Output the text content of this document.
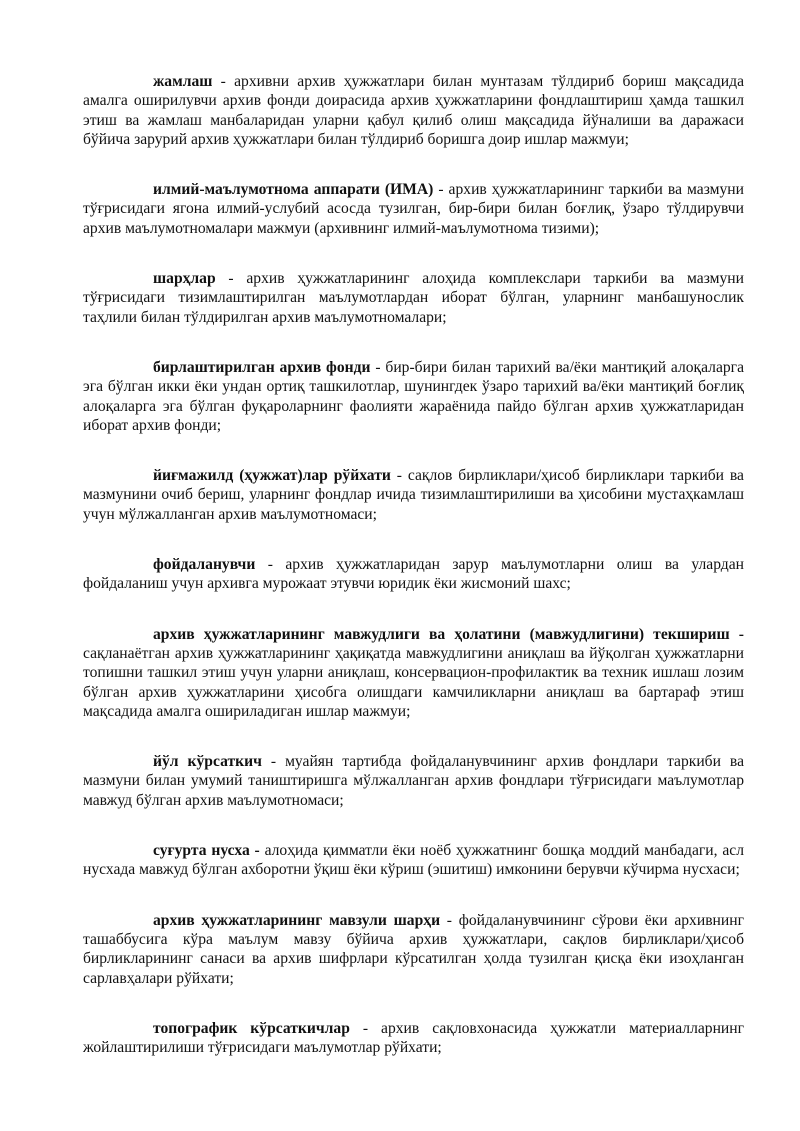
жамлаш - архивни архив ҳужжатлари билан мунтазам тўлдириб бориш мақсадида амалга оширилувчи архив фонди доирасида архив ҳужжатларини фондлаштириш ҳамда ташкил этиш ва жамлаш манбаларидан уларни қабул қилиб олиш мақсадида йўналиши ва даражаси бўйича зарурий архив ҳужжатлари билан тўлдириб боришга доир ишлар мажмуи;

илмий-маълумотнома аппарати (ИМА) - архив ҳужжатларининг таркиби ва мазмуни тўғрисидаги ягона илмий-услубий асосда тузилган, бир-бири билан боғлиқ, ўзаро тўлдирувчи архив маълумотномалари мажмуи (архивнинг илмий-маълумотнома тизими);

шарҳлар - архив ҳужжатларининг алоҳида комплекслари таркиби ва мазмуни тўғрисидаги тизимлаштирилган маълумотлардан иборат бўлган, уларнинг манбашунослик таҳлили билан тўлдирилган архив маълумотномалари;

бирлаштирилган архив фонди - бир-бири билан тарихий ва/ёки мантиқий алоқаларга эга бўлган икки ёки ундан ортиқ ташкилотлар, шунингдек ўзаро тарихий ва/ёки мантиқий боғлиқ алоқаларга эга бўлган фуқароларнинг фаолияти жараёнида пайдо бўлган архив ҳужжатларидан иборат архив фонди;

йиғмажилд (ҳужжат)лар рўйхати - сақлов бирликлари/ҳисоб бирликлари таркиби ва мазмунини очиб бериш, уларнинг фондлар ичида тизимлаштирилиши ва ҳисобини мустаҳкамлаш учун мўлжалланган архив маълумотномаси;

фойдаланувчи - архив ҳужжатларидан зарур маълумотларни олиш ва улардан фойдаланиш учун архивга мурожаат этувчи юридик ёки жисмоний шахс;

архив ҳужжатларининг мавжудлиги ва ҳолатини (мавжудлигини) текшириш - сақланаётган архив ҳужжатларининг ҳақиқатда мавжудлигини аниқлаш ва йўқолган ҳужжатларни топишни ташкил этиш учун уларни аниқлаш, консервацион-профилактик ва техник ишлаш лозим бўлган архив ҳужжатларини ҳисобга олишдаги камчиликларни аниқлаш ва бартараф этиш мақсадида амалга ошириладиган ишлар мажмуи;

йўл кўрсаткич - муайян тартибда фойдаланувчининг архив фондлари таркиби ва мазмуни билан умумий таништиришга мўлжалланган архив фондлари тўғрисидаги маълумотлар мавжуд бўлган архив маълумотномаси;

суғурта нусха - алоҳида қимматли ёки ноёб ҳужжатнинг бошқа моддий манбадаги, асл нусхада мавжуд бўлган ахборотни ўқиш ёки кўриш (эшитиш) имконини берувчи кўчирма нусхаси;

архив ҳужжатларининг мавзули шарҳи - фойдаланувчининг сўрови ёки архивнинг ташаббусига кўра маълум мавзу бўйича архив ҳужжатлари, сақлов бирликлари/ҳисоб бирликларининг санаси ва архив шифрлари кўрсатилган ҳолда тузилган қисқа ёки изоҳланган сарлавҳалари рўйхати;

топографик кўрсаткичлар - архив сақловхонасида ҳужжатли материалларнинг жойлаштирилиши тўғрисидаги маълумотлар рўйхати;
